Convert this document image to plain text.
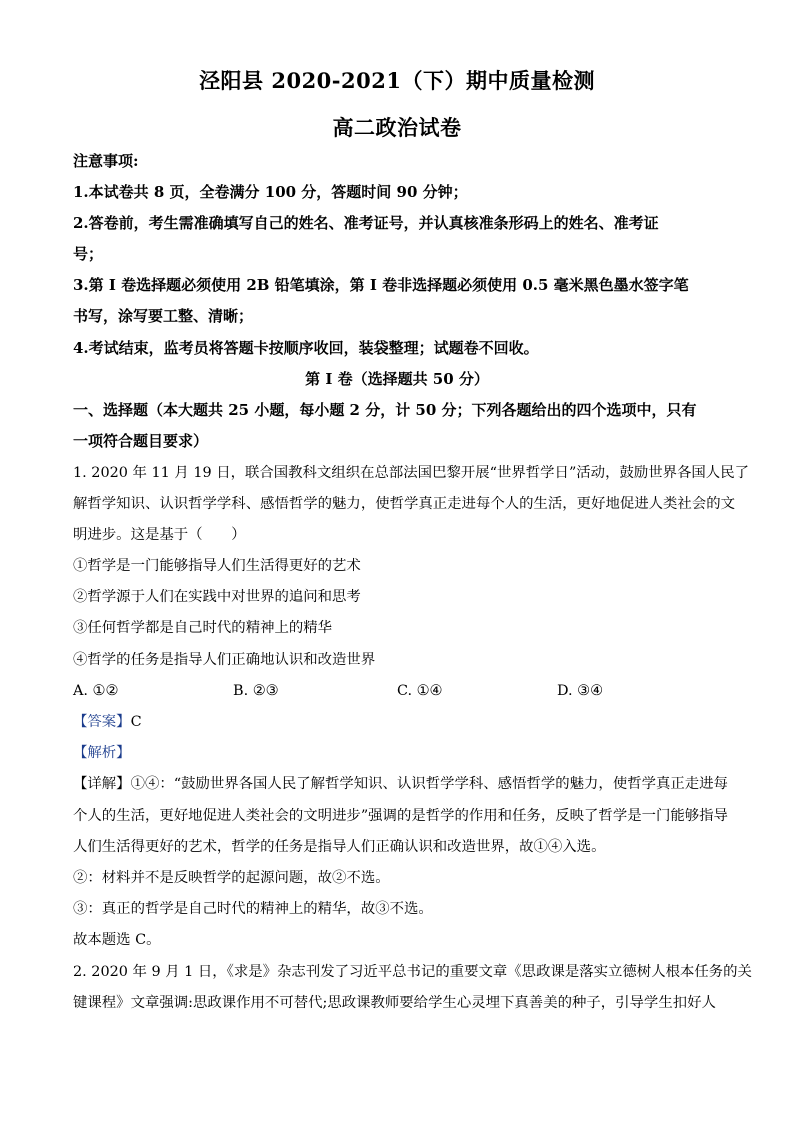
泾阳县 2020-2021（下）期中质量检测
高二政治试卷
注意事项:
1.本试卷共 8 页，全卷满分 100 分，答题时间 90 分钟；
2.答卷前，考生需准确填写自己的姓名、准考证号，并认真核准条形码上的姓名、准考证
号；
3.第 I 卷选择题必须使用 2B 铅笔填涂，第 I 卷非选择题必须使用 0.5 毫米黑色墨水签字笔
书写，涂写要工整、清晰；
4.考试结束，监考员将答题卡按顺序收回，装袋整理；试题卷不回收。
第 I 卷（选择题共 50 分）
一、选择题（本大题共 25 小题，每小题 2 分，计 50 分；下列各题给出的四个选项中，只有
一项符合题目要求）
1. 2020 年 11 月 19 日，联合国教科文组织在总部法国巴黎开展“世界哲学日”活动，鼓励世界各国人民了
解哲学知识、认识哲学学科、感悟哲学的魅力，使哲学真正走进每个人的生活，更好地促进人类社会的文
明进步。这是基于（　　）
①哲学是一门能够指导人们生活得更好的艺术
②哲学源于人们在实践中对世界的追问和思考
③任何哲学都是自己时代的精神上的精华
④哲学的任务是指导人们正确地认识和改造世界
A. ①②	B. ②③	C. ①④	D. ③④
【答案】C
【解析】
【详解】①④：“鼓励世界各国人民了解哲学知识、认识哲学学科、感悟哲学的魅力，使哲学真正走进每
个人的生活，更好地促进人类社会的文明进步”强调的是哲学的作用和任务，反映了哲学是一门能够指导
人们生活得更好的艺术，哲学的任务是指导人们正确认识和改造世界，故①④入选。
②：材料并不是反映哲学的起源问题，故②不选。
③：真正的哲学是自己时代的精神上的精华，故③不选。
故本题选 C。
2. 2020 年 9 月 1 日，《求是》杂志刊发了习近平总书记的重要文章《思政课是落实立德树人根本任务的关
键课程》文章强调:思政课作用不可替代;思政课教师要给学生心灵埋下真善美的种子，引导学生扣好人
